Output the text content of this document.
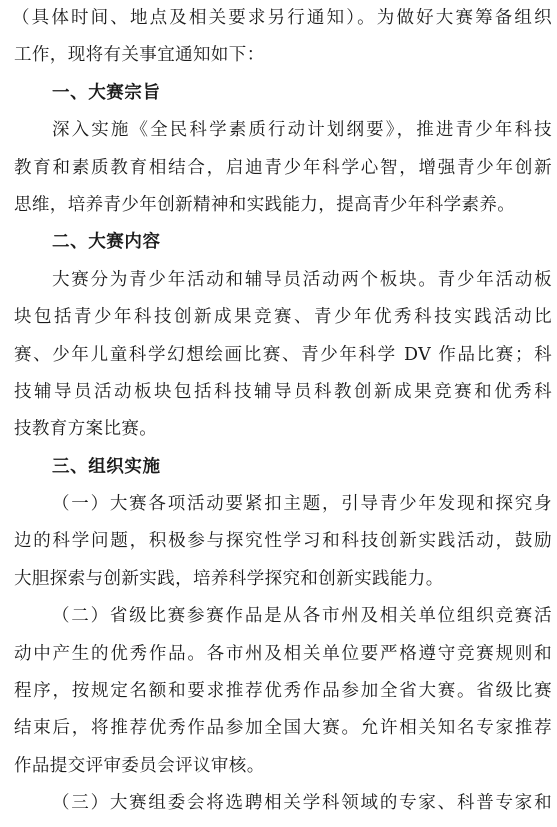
（具体时间、地点及相关要求另行通知）。为做好大赛筹备组织
工作，现将有关事宜通知如下：
一、大赛宗旨
深入实施《全民科学素质行动计划纲要》，推进青少年科技
教育和素质教育相结合，启迪青少年科学心智，增强青少年创新
思维，培养青少年创新精神和实践能力，提高青少年科学素养。
二、大赛内容
大赛分为青少年活动和辅导员活动两个板块。青少年活动板
块包括青少年科技创新成果竞赛、青少年优秀科技实践活动比
赛、少年儿童科学幻想绘画比赛、青少年科学 DV 作品比赛；科
技辅导员活动板块包括科技辅导员科教创新成果竞赛和优秀科
技教育方案比赛。
三、组织实施
（一）大赛各项活动要紧扣主题，引导青少年发现和探究身
边的科学问题，积极参与探究性学习和科技创新实践活动，鼓励
大胆探索与创新实践，培养科学探究和创新实践能力。
（二）省级比赛参赛作品是从各市州及相关单位组织竞赛活
动中产生的优秀作品。各市州及相关单位要严格遵守竞赛规则和
程序，按规定名额和要求推荐优秀作品参加全省大赛。省级比赛
结束后，将推荐优秀作品参加全国大赛。允许相关知名专家推荐
作品提交评审委员会评议审核。
（三）大赛组委会将选聘相关学科领域的专家、科普专家和
